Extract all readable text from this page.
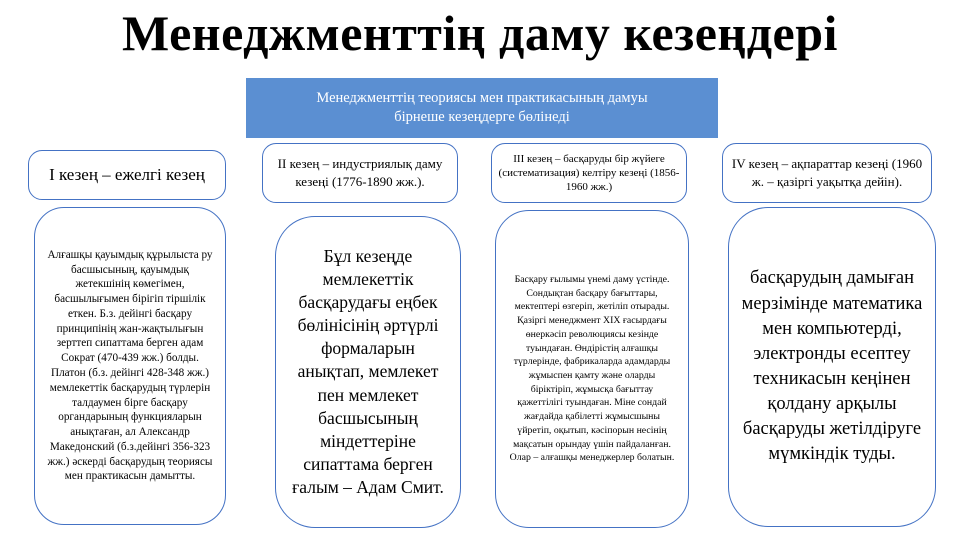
Менеджменттің даму кезеңдері
Менеджменттің теориясы мен практикасының дамуы
бірнеше кезеңдерге бөлінеді
І кезең – ежелгі кезең
ІІ кезең – индустриялық даму кезеңі (1776-1890 жж.).
ІІІ кезең – басқаруды бір жүйеге (систематизация) келтіру кезеңі (1856-1960 жж.)
ІV кезең – ақпараттар кезеңі (1960 ж. – қазіргі уақытқа дейін).
Алғашқы қауымдық құрылыста ру басшысының, қауымдық жетекшінің көмегімен, басшылығымен бірігіп тіршілік еткен. Б.з. дейінгі басқару принципінің жан-жақтылығын зерттеп сипаттама берген адам Сократ (470-439 жж.) болды. Платон (б.з. дейінгі 428-348 жж.) мемлекеттік басқарудың түрлерін талдаумен бірге басқару органдарының функцияларын анықтаған, ал Александр Македонский (б.з.дейінгі 356-323 жж.) әскерді басқарудың теориясы мен практикасын дамытты.
Бұл кезеңде мемлекеттік басқарудағы еңбек бөлінісінің әртүрлі формаларын анықтап, мемлекет пен мемлекет басшысының міндеттеріне сипаттама берген ғалым – Адам Смит.
Басқару ғылымы үнемі даму үстінде. Сондықтан басқару бағыттары, мектептері өзгеріп, жетіліп отырады. Қазіргі менеджмент XIX ғасырдағы өнеркәсіп революциясы кезінде туындаған. Өндірістің алғашқы түрлерінде, фабрикаларда адамдарды жұмыспен қамту және оларды біріктіріп, жұмысқа бағыттау қажеттілігі туындаған. Міне сондай жағдайда қабілетті жұмысшыны үйретіп, оқытып, кәсіпорын несінің мақсатын орындау үшін пайдаланған. Олар – алғашқы менеджерлер болатын.
басқарудың дамыған мерзімінде математика мен компьютерді, электронды есептеу техникасын кеңінен қолдану арқылы басқаруды жетілдіруге мүмкіндік туды.
